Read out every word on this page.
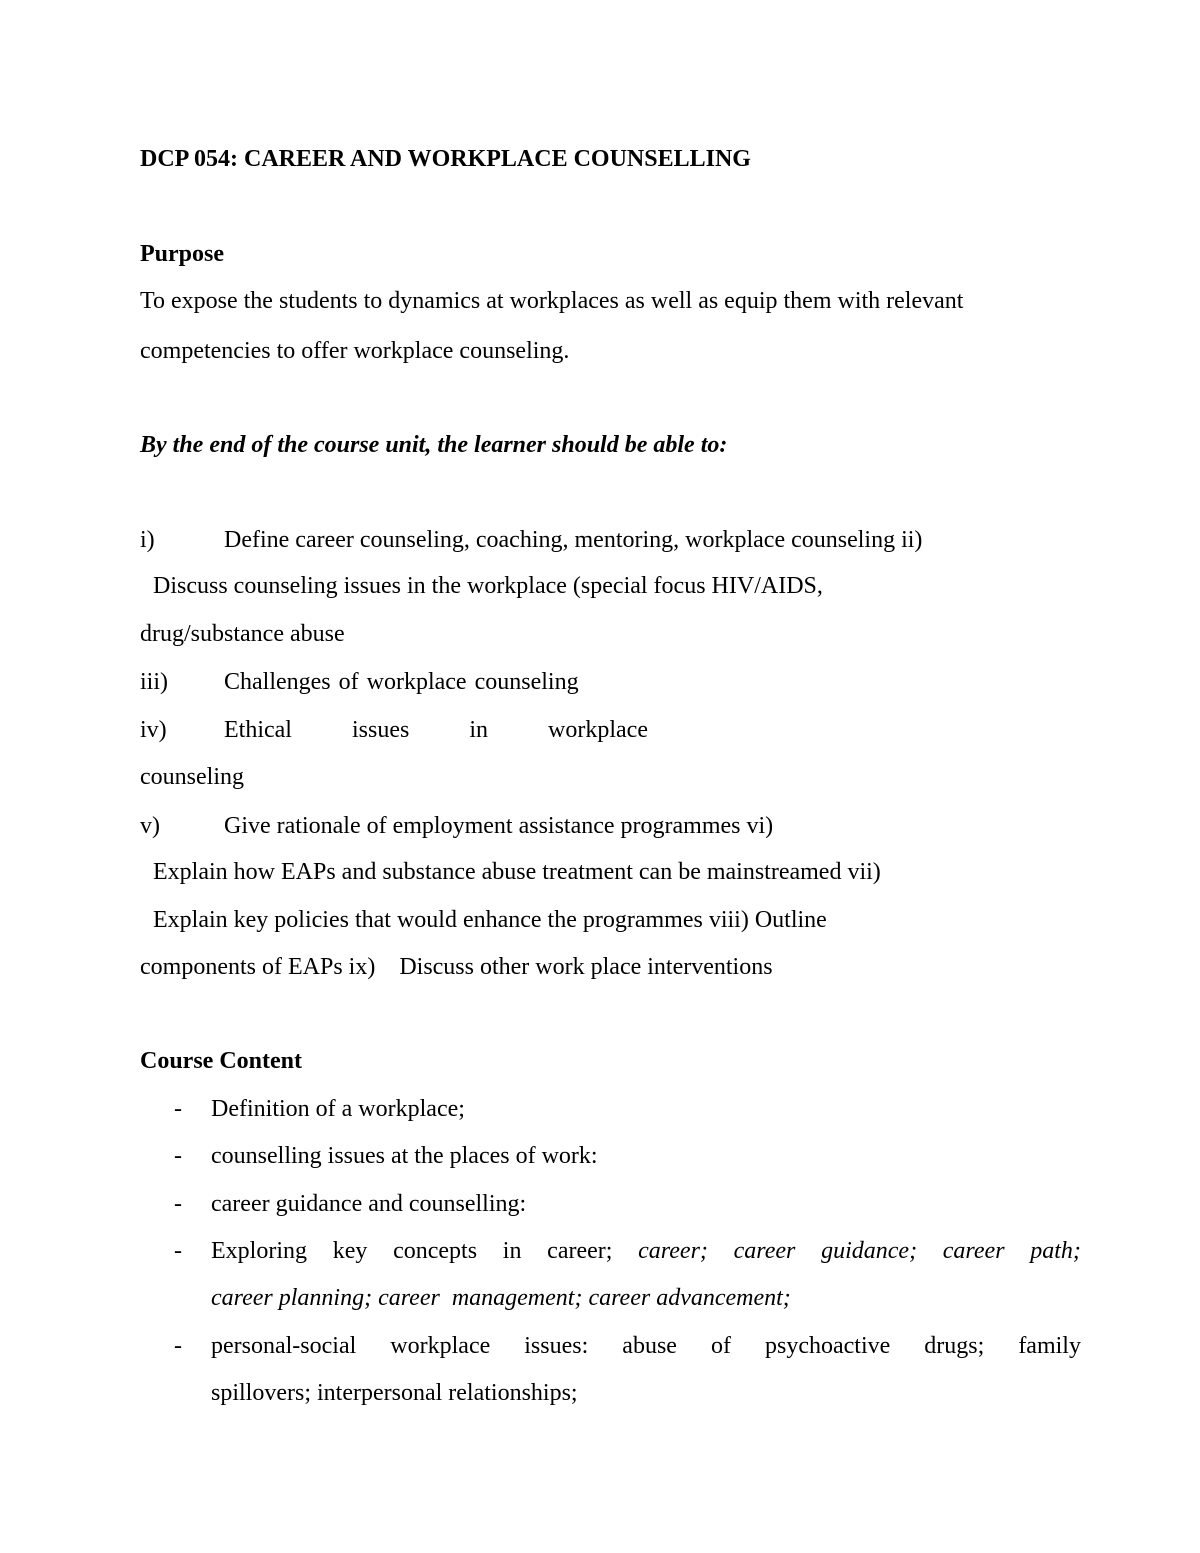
DCP 054: CAREER AND WORKPLACE COUNSELLING
Purpose
To expose the students to dynamics at workplaces as well as equip them with relevant
competencies to offer workplace counseling.
By the end of the course unit, the learner should be able to:
i)	Define career counseling, coaching, mentoring, workplace counseling ii)
Discuss counseling issues in the workplace (special focus HIV/AIDS,
drug/substance abuse
iii) Challenges of workplace counseling
iv) Ethical	issues	in	workplace
counseling
v)	Give rationale of employment assistance programmes vi)
Explain how EAPs and substance abuse treatment can be mainstreamed vii)
Explain key policies that would enhance the programmes viii) Outline
components of EAPs ix)    Discuss other work place interventions
Course Content
- Definition of a workplace;
- counselling issues at the places of work:
- career guidance and counselling:
- Exploring key concepts in career; career; career guidance; career path;
career planning; career  management; career advancement;
- personal-social workplace issues: abuse of psychoactive drugs; family
spillovers; interpersonal relationships;
